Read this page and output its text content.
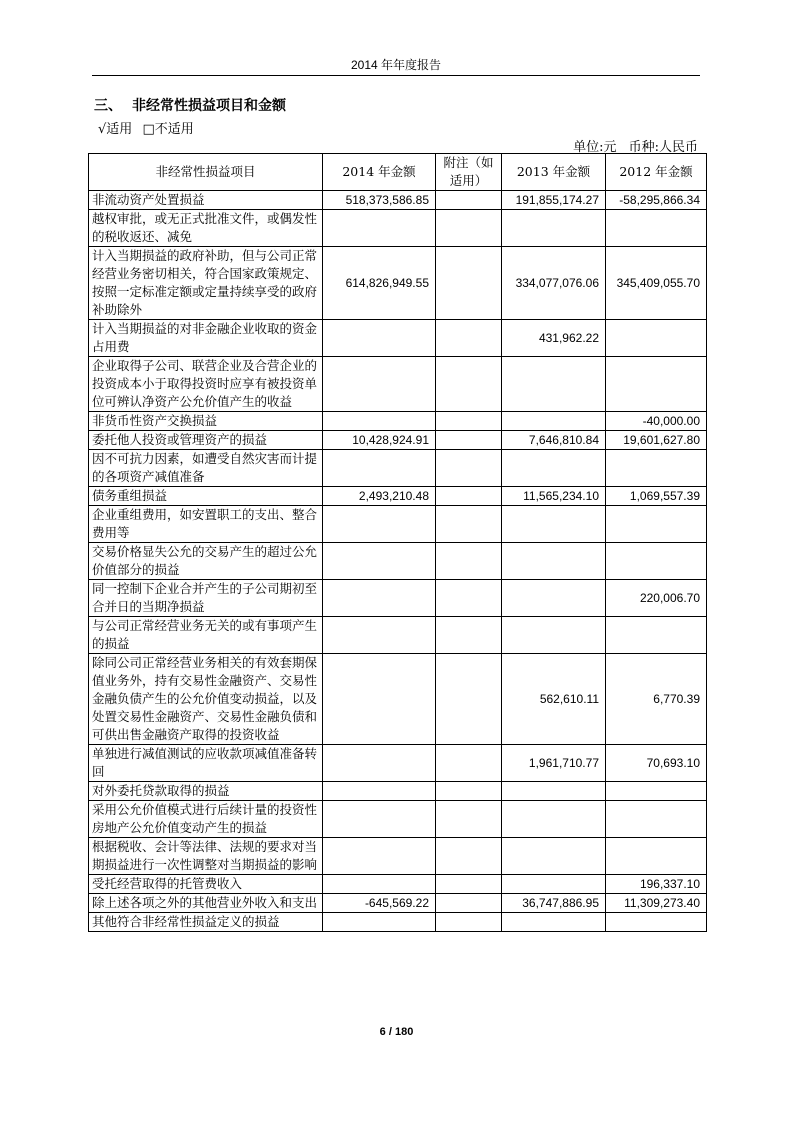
2014 年年度报告
三、 非经常性损益项目和金额
√适用 □不适用
单位:元 币种:人民币
非经常性损益项目	2014 年金额	附注（如适用）	2013 年金额	2012 年金额
非流动资产处置损益	518,373,586.85		191,855,174.27	-58,295,866.34
越权审批，或无正式批准文件，或偶发性的税收返还、减免				
计入当期损益的政府补助，但与公司正常经营业务密切相关，符合国家政策规定、按照一定标准定额或定量持续享受的政府补助除外	614,826,949.55		334,077,076.06	345,409,055.70
计入当期损益的对非金融企业收取的资金占用费			431,962.22	
企业取得子公司、联营企业及合营企业的投资成本小于取得投资时应享有被投资单位可辨认净资产公允价值产生的收益				
非货币性资产交换损益				-40,000.00
委托他人投资或管理资产的损益	10,428,924.91		7,646,810.84	19,601,627.80
因不可抗力因素，如遭受自然灾害而计提的各项资产减值准备				
债务重组损益	2,493,210.48		11,565,234.10	1,069,557.39
企业重组费用，如安置职工的支出、整合费用等				
交易价格显失公允的交易产生的超过公允价值部分的损益				
同一控制下企业合并产生的子公司期初至合并日的当期净损益				220,006.70
与公司正常经营业务无关的或有事项产生的损益				
除同公司正常经营业务相关的有效套期保值业务外，持有交易性金融资产、交易性金融负债产生的公允价值变动损益，以及处置交易性金融资产、交易性金融负债和可供出售金融资产取得的投资收益			562,610.11	6,770.39
单独进行减值测试的应收款项减值准备转回			1,961,710.77	70,693.10
对外委托贷款取得的损益				
采用公允价值模式进行后续计量的投资性房地产公允价值变动产生的损益				
根据税收、会计等法律、法规的要求对当期损益进行一次性调整对当期损益的影响				
受托经营取得的托管费收入				196,337.10
除上述各项之外的其他营业外收入和支出	-645,569.22		36,747,886.95	11,309,273.40
其他符合非经常性损益定义的损益				
6 / 180
